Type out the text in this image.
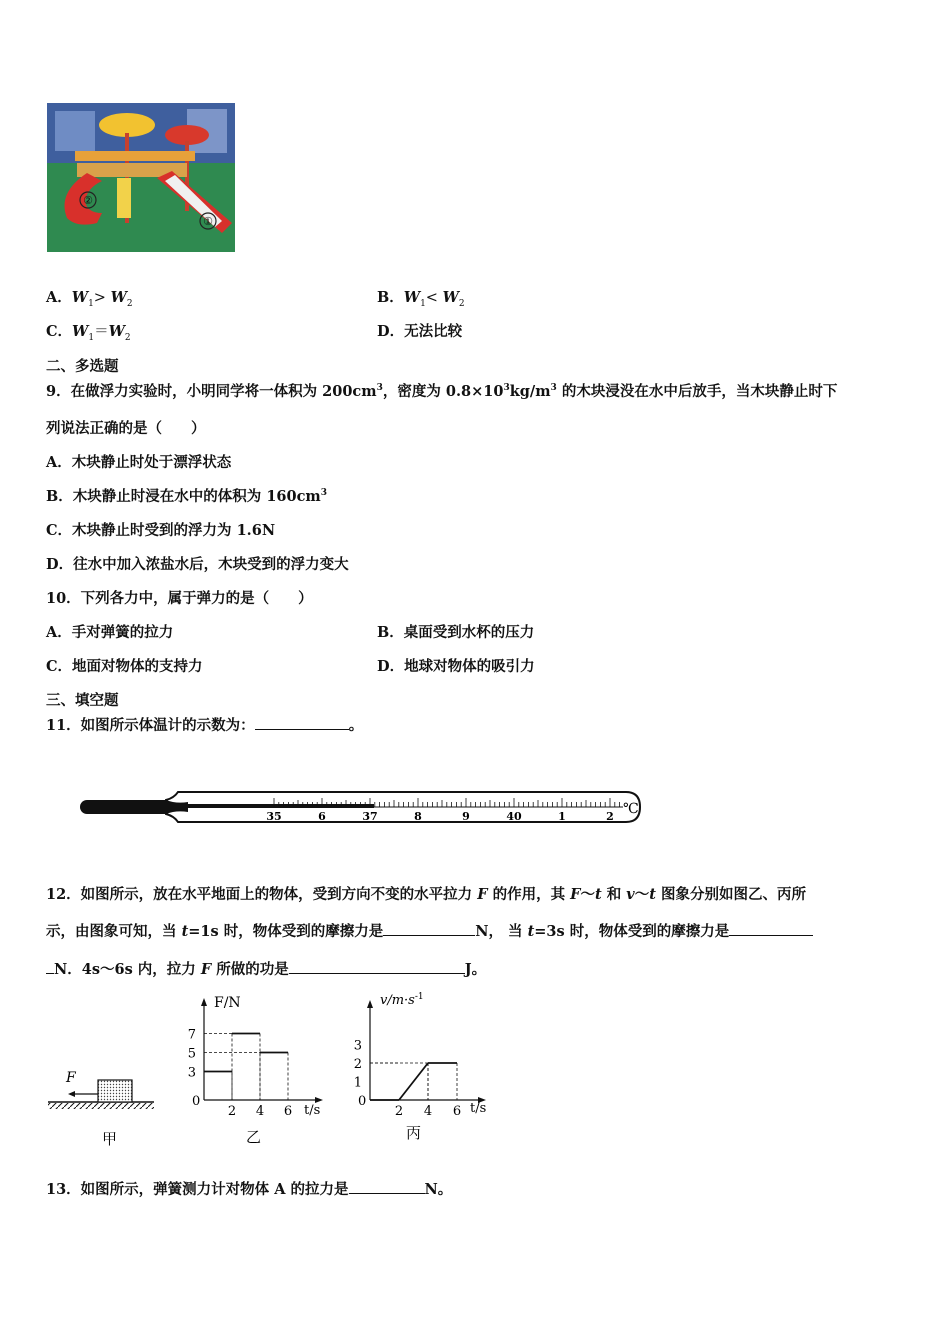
②
①
A．$W_1> W_2$	B．$W_1< W_2$
C．$W_1=W_2$	D．无法比较
二、多选题
9．在做浮力实验时，小明同学将一体积为 $200cm^3$，密度为 $0.8\times 10^3kg/m^3$ 的木块浸没在水中后放手，当木块静止时下
列说法正确的是（　　）
A．木块静止时处于漂浮状态
B．木块静止时浸在水中的体积为 $160cm^3$
C．木块静止时受到的浮力为 1.6N
D．往水中加入浓盐水后，木块受到的浮力变大
10．下列各力中，属于弹力的是（　　）
A．手对弹簧的拉力	B．桌面受到水杯的压力
C．地面对物体的支持力	D．地球对物体的吸引力
三、填空题
11．如图所示体温计的示数为：	。
35	6	37	8	9	40	1	2 ℃
12．如图所示，放在水平地面上的物体，受到方向不变的水平拉力 F 的作用，其 F～t 和 v～t 图象分别如图乙、丙所
示，由图象可知，当 t=1s 时，物体受到的摩擦力是	N， 当 t=3s 时，物体受到的摩擦力是
N．4s～6s 内，拉力 F 所做的功是	J。
F
甲
0
2 4 6
3
5
7
F/N
t/s
乙
0
2 4 6
1
2
3
$v/m\cdot s^{-1}$
t/s
丙
13．如图所示，弹簧测力计对物体 A 的拉力是	N。
